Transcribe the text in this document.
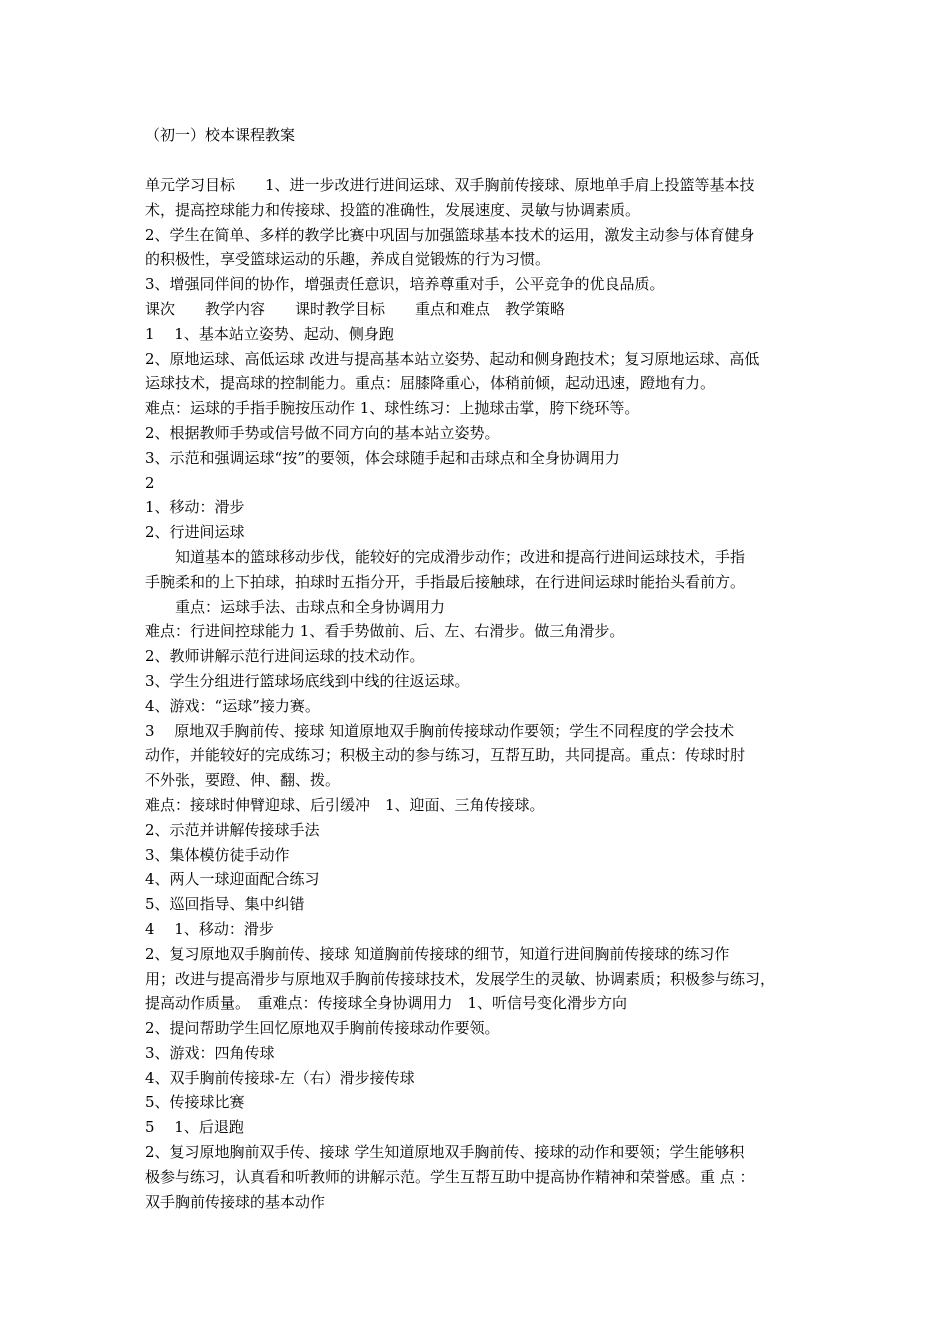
（初一）校本课程教案
单元学习目标　　1、进一步改进行进间运球、双手胸前传接球、原地单手肩上投篮等基本技
术，提高控球能力和传接球、投篮的准确性，发展速度、灵敏与协调素质。
2、学生在简单、多样的教学比赛中巩固与加强篮球基本技术的运用，激发主动参与体育健身
的积极性，享受篮球运动的乐趣，养成自觉锻炼的行为习惯。
3、增强同伴间的协作，增强责任意识，培养尊重对手，公平竞争的优良品质。
课次　　教学内容　　课时教学目标　　重点和难点　教学策略
1　 1、基本站立姿势、起动、侧身跑
2、原地运球、高低运球 改进与提高基本站立姿势、起动和侧身跑技术；复习原地运球、高低
运球技术，提高球的控制能力。重点：屈膝降重心，体稍前倾，起动迅速，蹬地有力。
难点：运球的手指手腕按压动作 1、球性练习：上抛球击掌，胯下绕环等。
2、根据教师手势或信号做不同方向的基本站立姿势。
3、示范和强调运球“按”的要领，体会球随手起和击球点和全身协调用力
2
1、移动：滑步
2、行进间运球
　　知道基本的篮球移动步伐，能较好的完成滑步动作；改进和提高行进间运球技术，手指
手腕柔和的上下拍球，拍球时五指分开，手指最后接触球，在行进间运球时能抬头看前方。
　　重点：运球手法、击球点和全身协调用力
难点：行进间控球能力 1、看手势做前、后、左、右滑步。做三角滑步。
2、教师讲解示范行进间运球的技术动作。
3、学生分组进行篮球场底线到中线的往返运球。
4、游戏：“运球”接力赛。
3　 原地双手胸前传、接球 知道原地双手胸前传接球动作要领；学生不同程度的学会技术
动作，并能较好的完成练习；积极主动的参与练习，互帮互助，共同提高。重点：传球时肘
不外张，要蹬、伸、翻、拨。
难点：接球时伸臂迎球、后引缓冲　1、迎面、三角传接球。
2、示范并讲解传接球手法
3、集体模仿徒手动作
4、两人一球迎面配合练习
5、巡回指导、集中纠错
4　 1、移动：滑步
2、复习原地双手胸前传、接球 知道胸前传接球的细节，知道行进间胸前传接球的练习作
用；改进与提高滑步与原地双手胸前传接球技术，发展学生的灵敏、协调素质；积极参与练习，
提高动作质量。　重难点：传接球全身协调用力　1、听信号变化滑步方向
2、提问帮助学生回忆原地双手胸前传接球动作要领。
3、游戏：四角传球
4、双手胸前传接球-左（右）滑步接传球
5、传接球比赛
5　 1、后退跑
2、复习原地胸前双手传、接球 学生知道原地双手胸前传、接球的动作和要领；学生能够积
极参与练习，认真看和听教师的讲解示范。学生互帮互助中提高协作精神和荣誉感。重 点 ：
双手胸前传接球的基本动作
